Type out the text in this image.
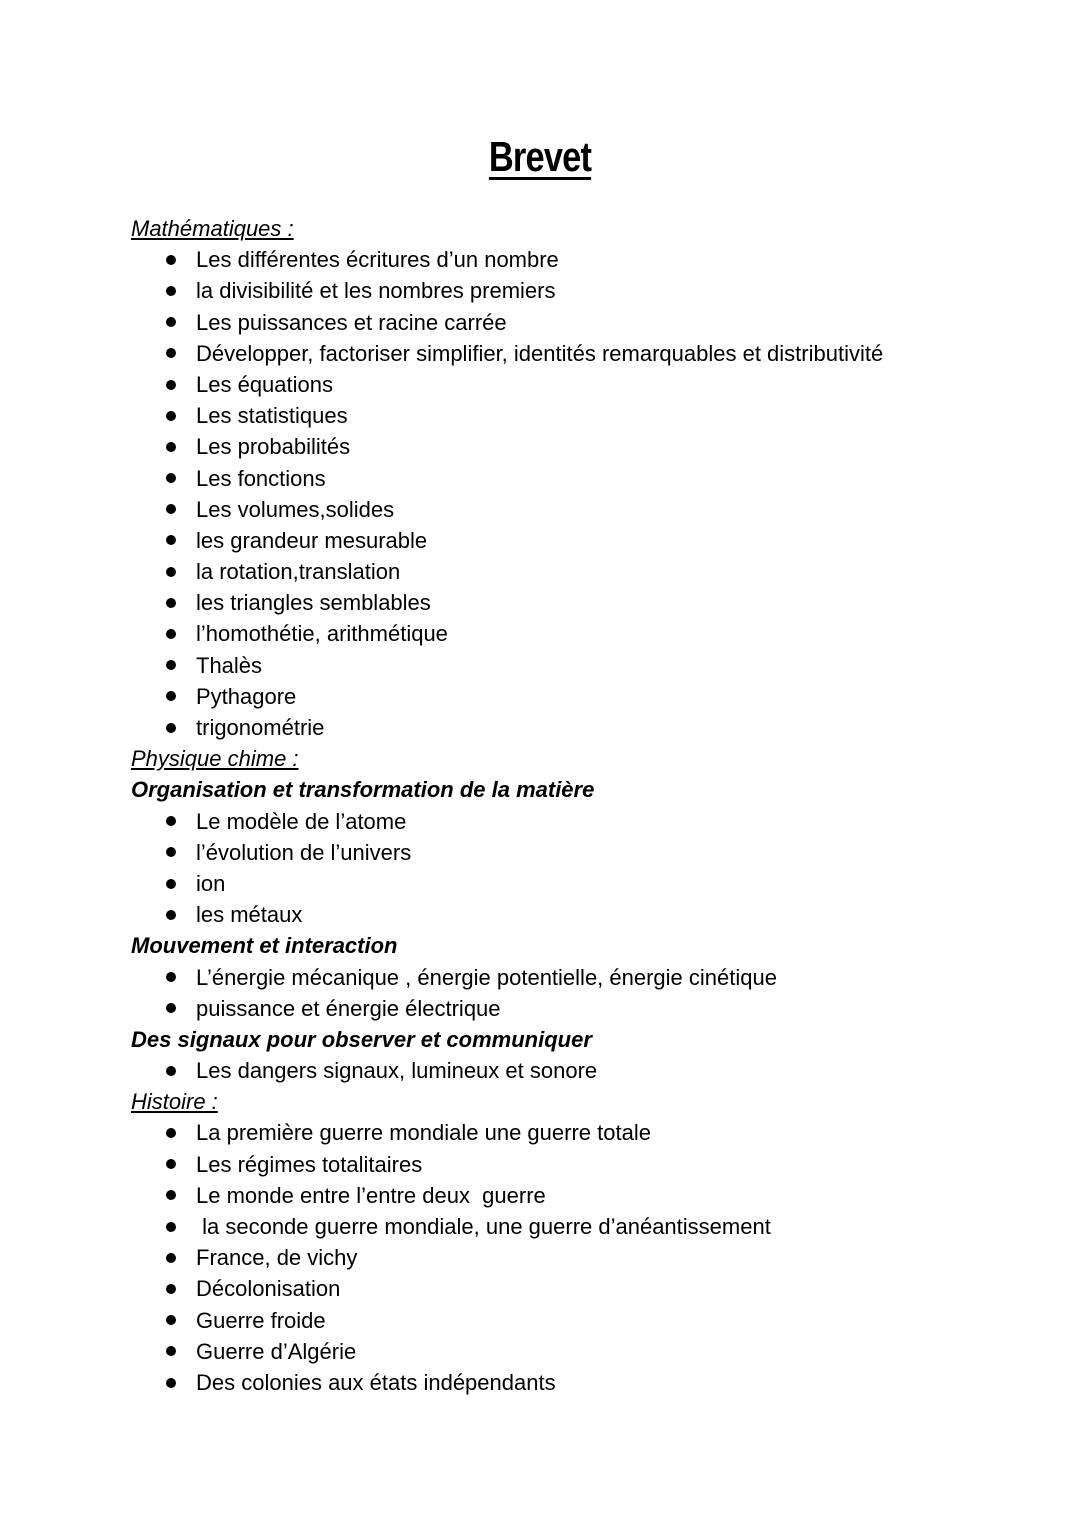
Brevet
Mathématiques :
Les différentes écritures d’un nombre
la divisibilité et les nombres premiers
Les puissances et racine carrée
Développer, factoriser simplifier, identités remarquables et distributivité
Les équations
Les statistiques
Les probabilités
Les fonctions
Les volumes,solides
les grandeur mesurable
la rotation,translation
les triangles semblables
l’homothétie, arithmétique
Thalès
Pythagore
trigonométrie
Physique chime :
Organisation et transformation de la matière
Le modèle de l’atome
l’évolution de l’univers
ion
les métaux
Mouvement et interaction
L’énergie mécanique , énergie potentielle, énergie cinétique
puissance et énergie électrique
Des signaux pour observer et communiquer
Les dangers signaux, lumineux et sonore
Histoire :
La première guerre mondiale une guerre totale
Les régimes totalitaires
Le monde entre l’entre deux  guerre
la seconde guerre mondiale, une guerre d’anéantissement
France, de vichy
Décolonisation
Guerre froide
Guerre d’Algérie
Des colonies aux états indépendants
